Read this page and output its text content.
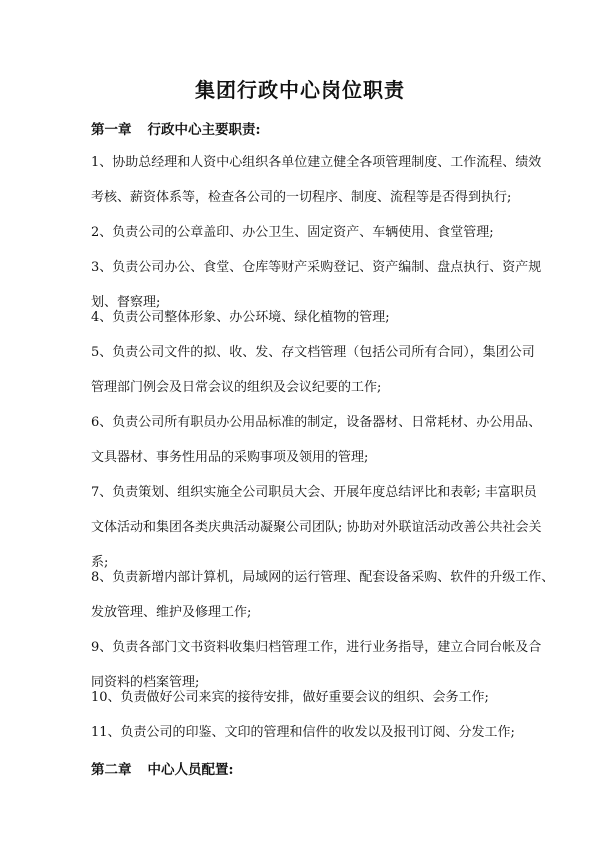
集团行政中心岗位职责
第一章 行政中心主要职责:
1、协助总经理和人资中心组织各单位建立健全各项管理制度、工作流程、绩效
考核、薪资体系等，检查各公司的一切程序、制度、流程等是否得到执行;
2、负责公司的公章盖印、办公卫生、固定资产、车辆使用、食堂管理;
3、负责公司办公、食堂、仓库等财产采购登记、资产编制、盘点执行、资产规
划、督察理;
4、负责公司整体形象、办公环境、绿化植物的管理;
5、负责公司文件的拟、收、发、存文档管理（包括公司所有合同），集团公司
管理部门例会及日常会议的组织及会议纪要的工作;
6、负责公司所有职员办公用品标准的制定，设备器材、日常耗材、办公用品、
文具器材、事务性用品的采购事项及领用的管理;
7、负责策划、组织实施全公司职员大会、开展年度总结评比和表彰; 丰富职员
文体活动和集团各类庆典活动凝聚公司团队; 协助对外联谊活动改善公共社会关
系;
8、负责新增内部计算机，局域网的运行管理、配套设备采购、软件的升级工作、
发放管理、维护及修理工作;
9、负责各部门文书资料收集归档管理工作，进行业务指导，建立合同台帐及合
同资料的档案管理;
10、负责做好公司来宾的接待安排，做好重要会议的组织、会务工作;
11、负责公司的印鉴、文印的管理和信件的收发以及报刊订阅、分发工作;
第二章 中心人员配置:
